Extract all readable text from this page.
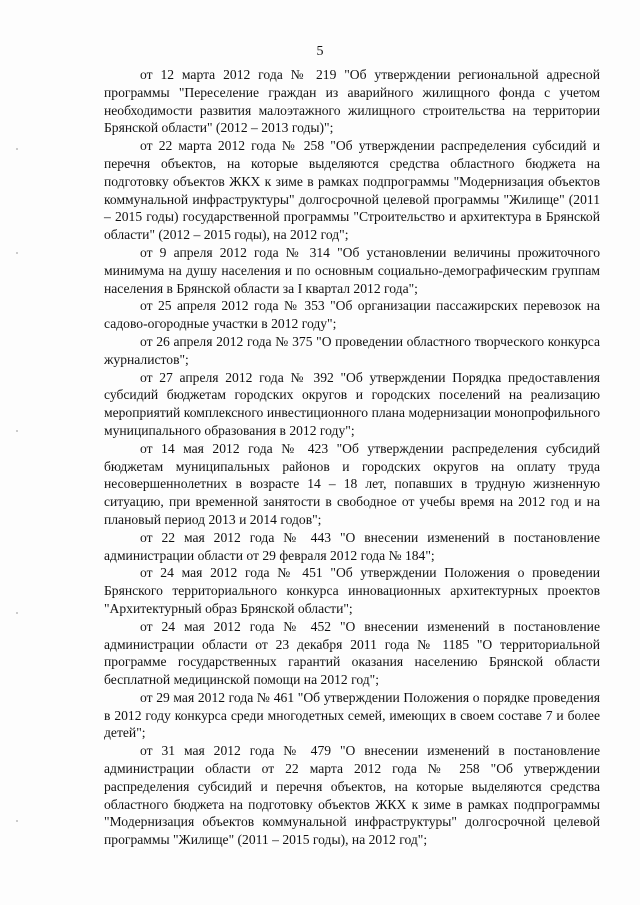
5

от 12 марта 2012 года № 219 "Об утверждении региональной адресной программы "Переселение граждан из аварийного жилищного фонда с учетом необходимости развития малоэтажного жилищного строительства на территории Брянской области" (2012 – 2013 годы)";

от 22 марта 2012 года № 258 "Об утверждении распределения субсидий и перечня объектов, на которые выделяются средства областного бюджета на подготовку объектов ЖКХ к зиме в рамках подпрограммы "Модернизация объектов коммунальной инфраструктуры" долгосрочной целевой программы "Жилище" (2011 – 2015 годы) государственной программы "Строительство и архитектура в Брянской области" (2012 – 2015 годы), на 2012 год";

от 9 апреля 2012 года № 314 "Об установлении величины прожиточного минимума на душу населения и по основным социально-демографическим группам населения в Брянской области за I квартал 2012 года";

от 25 апреля 2012 года № 353 "Об организации пассажирских перевозок на садово-огородные участки в 2012 году";

от 26 апреля 2012 года № 375 "О проведении областного творческого конкурса журналистов";

от 27 апреля 2012 года № 392 "Об утверждении Порядка предоставления субсидий бюджетам городских округов и городских поселений на реализацию мероприятий комплексного инвестиционного плана модернизации монопрофильного муниципального образования в 2012 году";

от 14 мая 2012 года № 423 "Об утверждении распределения субсидий бюджетам муниципальных районов и городских округов на оплату труда несовершеннолетних в возрасте 14 – 18 лет, попавших в трудную жизненную ситуацию, при временной занятости в свободное от учебы время на 2012 год и на плановый период 2013 и 2014 годов";

от 22 мая 2012 года № 443 "О внесении изменений в постановление администрации области от 29 февраля 2012 года № 184";

от 24 мая 2012 года № 451 "Об утверждении Положения о проведении Брянского территориального конкурса инновационных архитектурных проектов "Архитектурный образ Брянской области";

от 24 мая 2012 года № 452 "О внесении изменений в постановление администрации области от 23 декабря 2011 года № 1185 "О территориальной программе государственных гарантий оказания населению Брянской области бесплатной медицинской помощи на 2012 год";

от 29 мая 2012 года № 461 "Об утверждении Положения о порядке проведения в 2012 году конкурса среди многодетных семей, имеющих в своем составе 7 и более детей";

от 31 мая 2012 года № 479 "О внесении изменений в постановление администрации области от 22 марта 2012 года № 258 "Об утверждении распределения субсидий и перечня объектов, на которые выделяются средства областного бюджета на подготовку объектов ЖКХ к зиме в рамках подпрограммы "Модернизация объектов коммунальной инфраструктуры" долгосрочной целевой программы "Жилище" (2011 – 2015 годы), на 2012 год";
